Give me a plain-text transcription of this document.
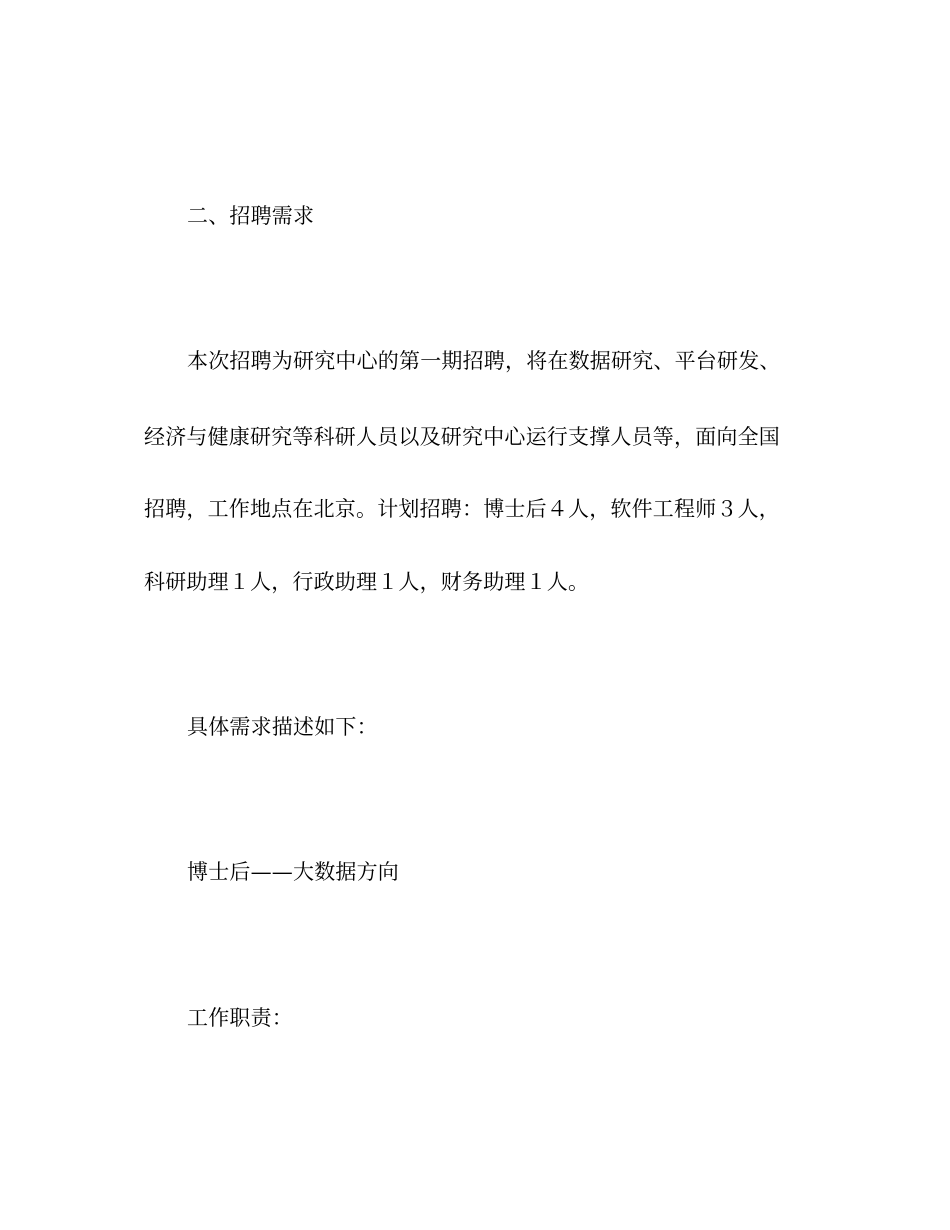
二、招聘需求
本次招聘为研究中心的第一期招聘，将在数据研究、平台研发、
经济与健康研究等科研人员以及研究中心运行支撑人员等，面向全国
招聘，工作地点在北京。计划招聘：博士后４人，软件工程师３人，
科研助理１人，行政助理１人，财务助理１人。
具体需求描述如下：
博士后——大数据方向
工作职责：
